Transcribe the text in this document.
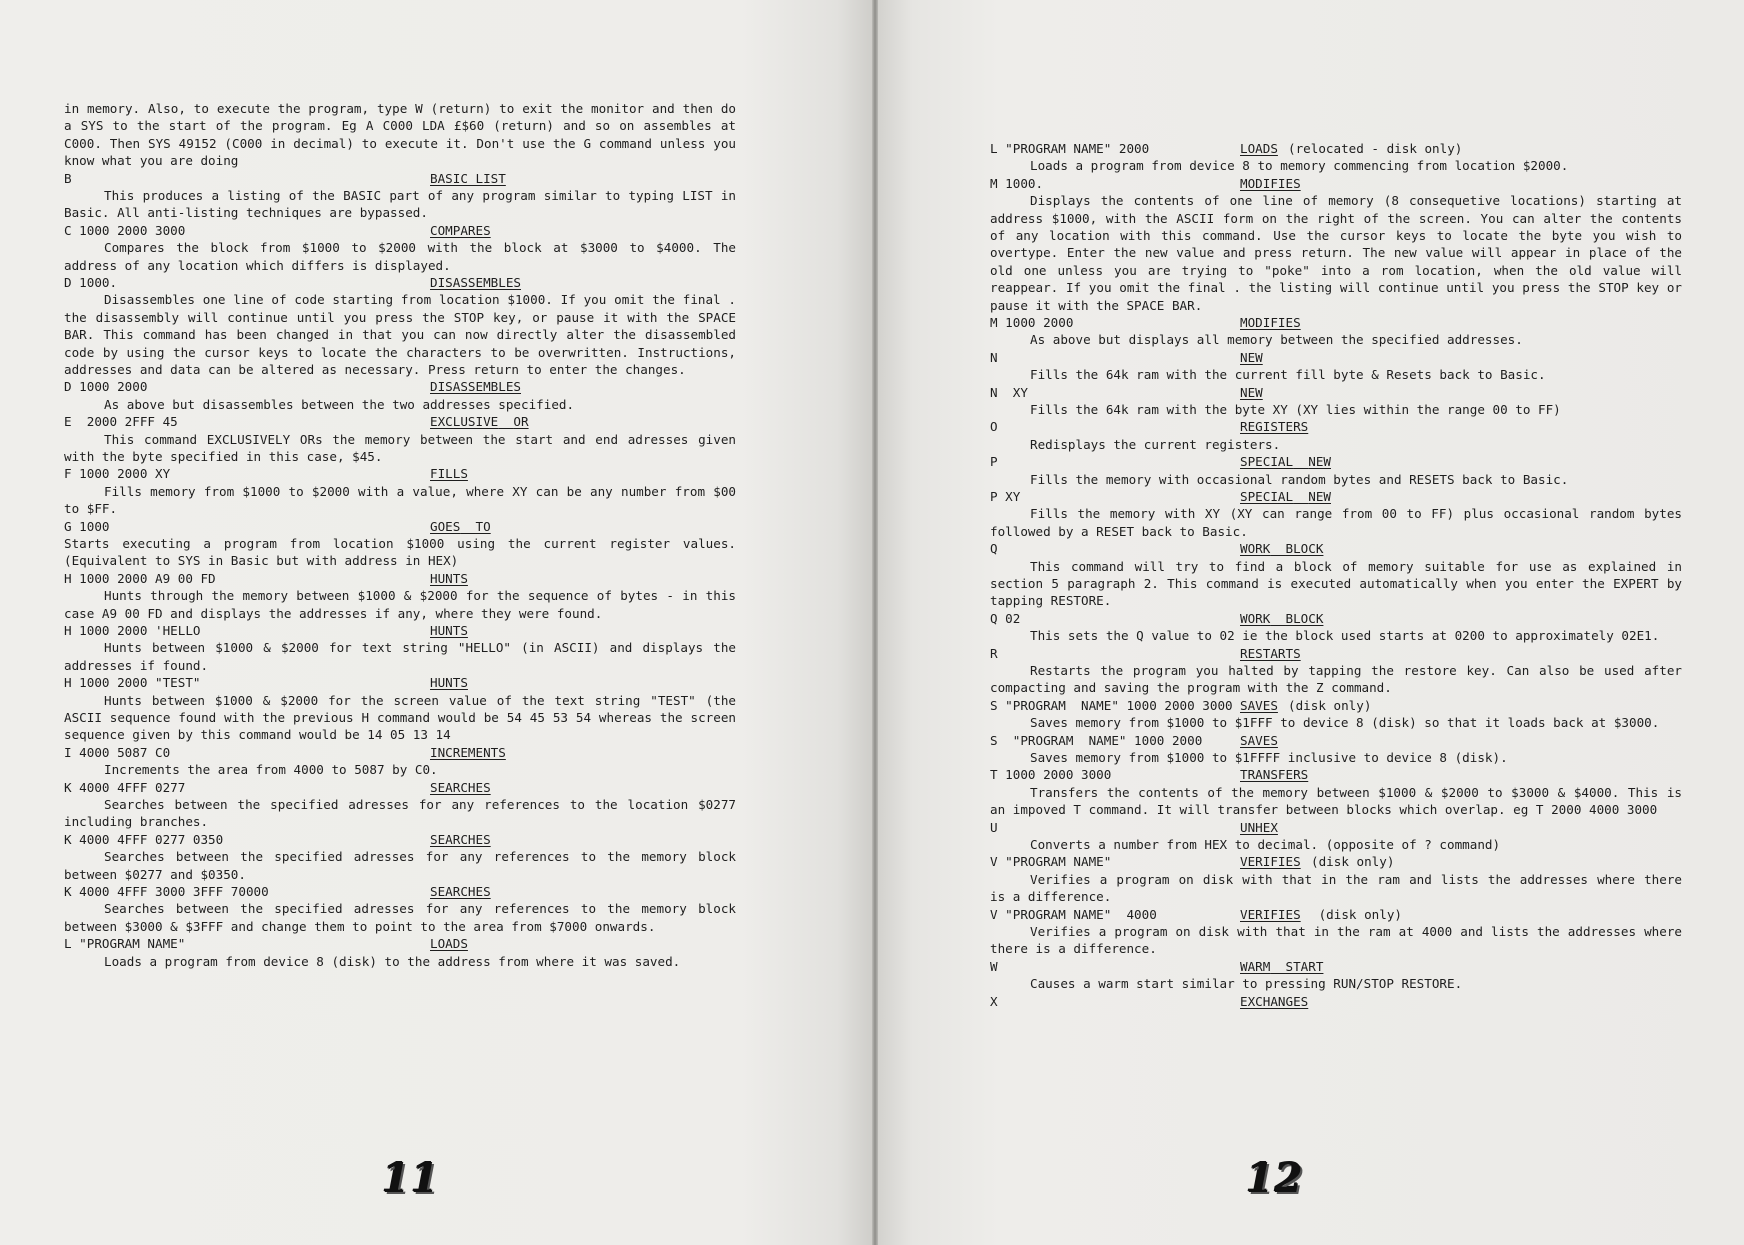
in memory. Also, to execute the program, type W (return) to exit the monitor and then do a SYS to the start of the program. Eg A C000 LDA £$60 (return) and so on assembles at C000. Then SYS 49152 (C000 in decimal) to execute it. Don't use the G command unless you know what you are doing
B	BASIC LIST
This produces a listing of the BASIC part of any program similar to typing LIST in Basic. All anti-listing techniques are bypassed.
C 1000 2000 3000	COMPARES
Compares the block from $1000 to $2000 with the block at $3000 to $4000. The address of any location which differs is displayed.
D 1000.	DISASSEMBLES
Disassembles one line of code starting from location $1000. If you omit the final . the disassembly will continue until you press the STOP key, or pause it with the SPACE BAR. This command has been changed in that you can now directly alter the disassembled code by using the cursor keys to locate the characters to be overwritten. Instructions, addresses and data can be altered as necessary. Press return to enter the changes.
D 1000 2000	DISASSEMBLES
As above but disassembles between the two addresses specified.
E  2000 2FFF 45	EXCLUSIVE OR
This command EXCLUSIVELY ORs the memory between the start and end adresses given with the byte specified in this case, $45.
F 1000 2000 XY	FILLS
Fills memory from $1000 to $2000 with a value, where XY can be any number from $00 to $FF.
G 1000	GOES TO
Starts executing a program from location $1000 using the current register values. (Equivalent to SYS in Basic but with address in HEX)
H 1000 2000 A9 00 FD	HUNTS
Hunts through the memory between $1000 & $2000 for the sequence of bytes - in this case A9 00 FD and displays the addresses if any, where they were found.
H 1000 2000 'HELLO	HUNTS
Hunts between $1000 & $2000 for text string "HELLO" (in ASCII) and displays the addresses if found.
H 1000 2000 "TEST"	HUNTS
Hunts between $1000 & $2000 for the screen value of the text string "TEST" (the ASCII sequence found with the previous H command would be 54 45 53 54 whereas the screen sequence given by this command would be 14 05 13 14
I 4000 5087 C0	INCREMENTS
Increments the area from 4000 to 5087 by C0.
K 4000 4FFF 0277	SEARCHES
Searches between the specified adresses for any references to the location $0277 including branches.
K 4000 4FFF 0277 0350	SEARCHES
Searches between the specified adresses for any references to the memory block between $0277 and $0350.
K 4000 4FFF 3000 3FFF 70000	SEARCHES
Searches between the specified adresses for any references to the memory block between $3000 & $3FFF and change them to point to the area from $7000 onwards.
L "PROGRAM NAME"	LOADS
Loads a program from device 8 (disk) to the address from where it was saved.
11
L "PROGRAM NAME" 2000	LOADS (relocated - disk only)
Loads a program from device 8 to memory commencing from location $2000.
M 1000.	MODIFIES
Displays the contents of one line of memory (8 consequetive locations) starting at address $1000, with the ASCII form on the right of the screen. You can alter the contents of any location with this command. Use the cursor keys to locate the byte you wish to overtype. Enter the new value and press return. The new value will appear in place of the old one unless you are trying to "poke" into a rom location, when the old value will reappear. If you omit the final . the listing will continue until you press the STOP key or pause it with the SPACE BAR.
M 1000 2000	MODIFIES
As above but displays all memory between the specified addresses.
N	NEW
Fills the 64k ram with the current fill byte & Resets back to Basic.
N  XY	NEW
Fills the 64k ram with the byte XY (XY lies within the range 00 to FF)
O	REGISTERS
Redisplays the current registers.
P	SPECIAL NEW
Fills the memory with occasional random bytes and RESETS back to Basic.
P XY	SPECIAL NEW
Fills the memory with XY (XY can range from 00 to FF) plus occasional random bytes followed by a RESET back to Basic.
Q	WORK BLOCK
This command will try to find a block of memory suitable for use as explained in section 5 paragraph 2. This command is executed automatically when you enter the EXPERT by tapping RESTORE.
Q 02	WORK BLOCK
This sets the Q value to 02 ie the block used starts at 0200 to approximately 02E1.
R	RESTARTS
Restarts the program you halted by tapping the restore key. Can also be used after compacting and saving the program with the Z command.
S "PROGRAM  NAME" 1000 2000 3000 SAVES (disk only)
Saves memory from $1000 to $1FFF to device 8 (disk) so that it loads back at $3000.
S  "PROGRAM  NAME" 1000 2000	SAVES
Saves memory from $1000 to $1FFFF inclusive to device 8 (disk).
T 1000 2000 3000	TRANSFERS
Transfers the contents of the memory between $1000 & $2000 to $3000 & $4000. This is an impoved T command. It will transfer between blocks which overlap. eg T 2000 4000 3000
U	UNHEX
Converts a number from HEX to decimal. (opposite of ? command)
V "PROGRAM NAME"	VERIFIES (disk only)
Verifies a program on disk with that in the ram and lists the addresses where there is a difference.
V "PROGRAM NAME"  4000	VERIFIES (disk only)
Verifies a program on disk with that in the ram at 4000 and lists the addresses where there is a difference.
W	WARM START
Causes a warm start similar to pressing RUN/STOP RESTORE.
X	EXCHANGES
12
